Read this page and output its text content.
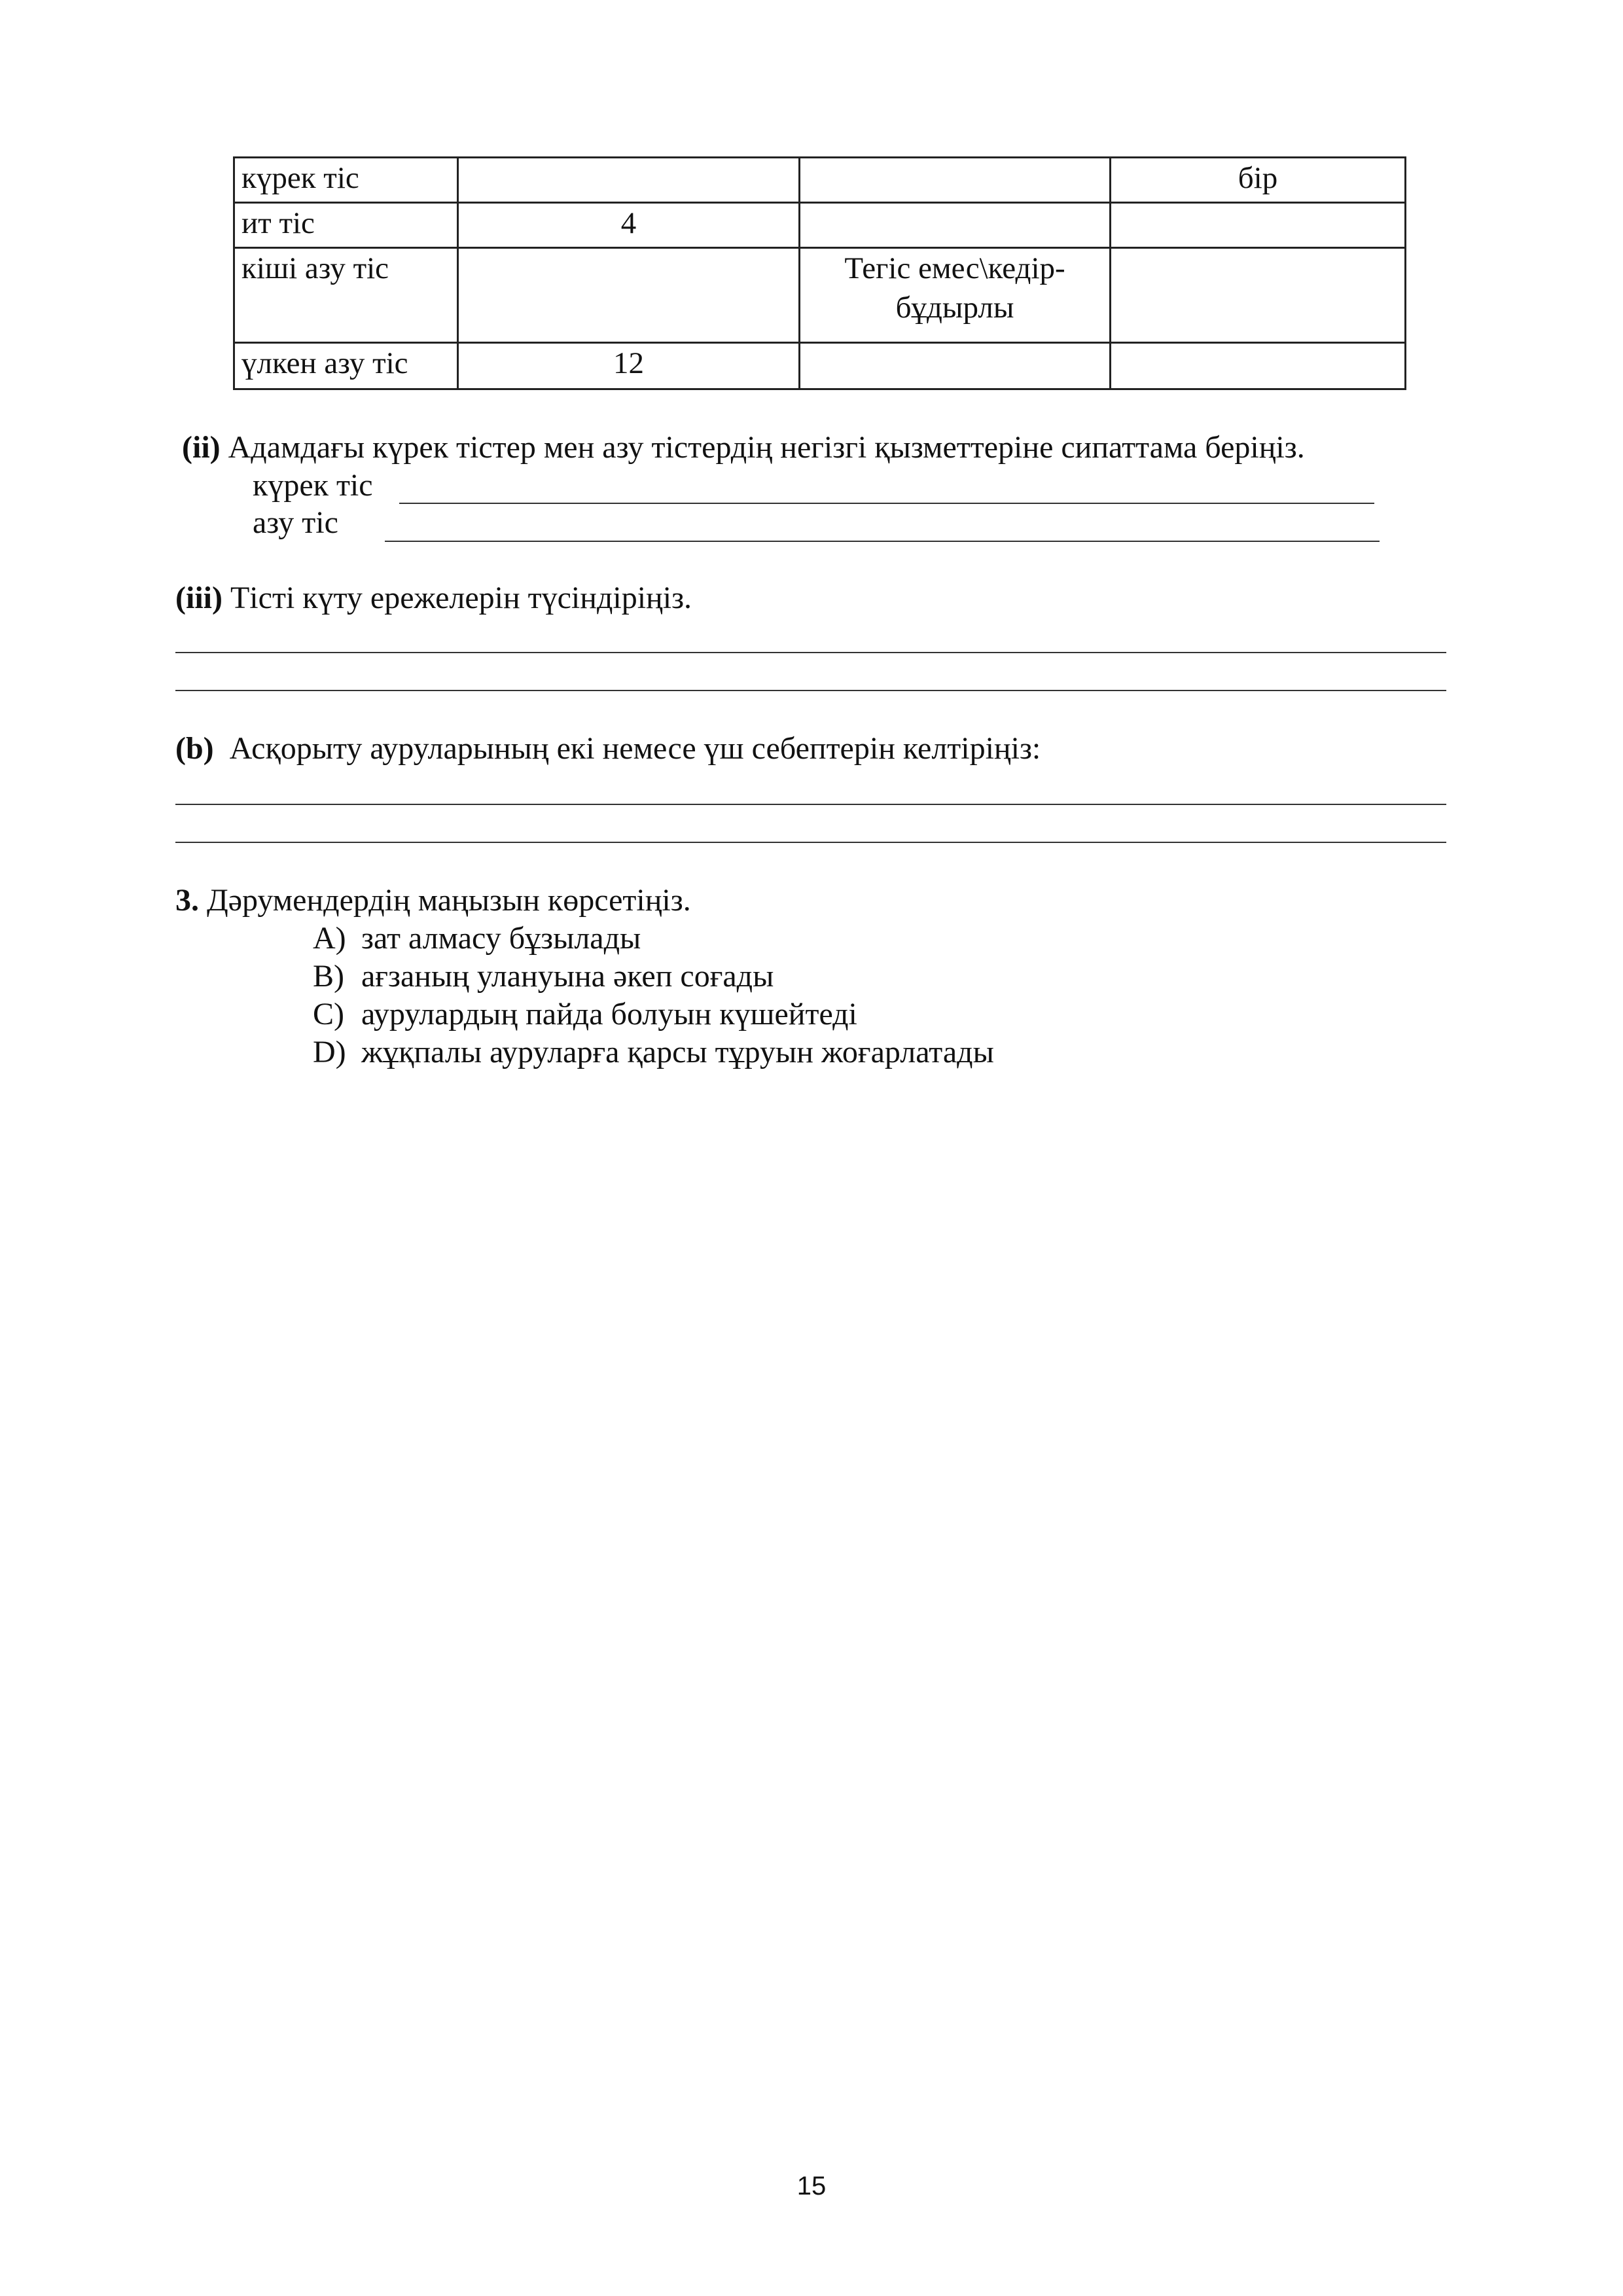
күрек тіс			бір
ит тіс	4		
кіші азу тіс		Тегіс емес\кедір-бұдырлы	
үлкен азу тіс	12		
(ii) Адамдағы күрек тістер мен азу тістердің негізгі қызметтеріне сипаттама беріңіз.
күрек тіс
азу тіс
(iii) Тісті күту ережелерін түсіндіріңіз.
(b) Асқорыту ауруларының екі немесе үш себептерін келтіріңіз:
3. Дәрумендердің маңызын көрсетіңіз.
A) зат алмасу бұзылады
B) ағзаның улануына әкеп соғады
C) аурулардың пайда болуын күшейтеді
D) жұқпалы ауруларға қарсы тұруын жоғарлатады
15
